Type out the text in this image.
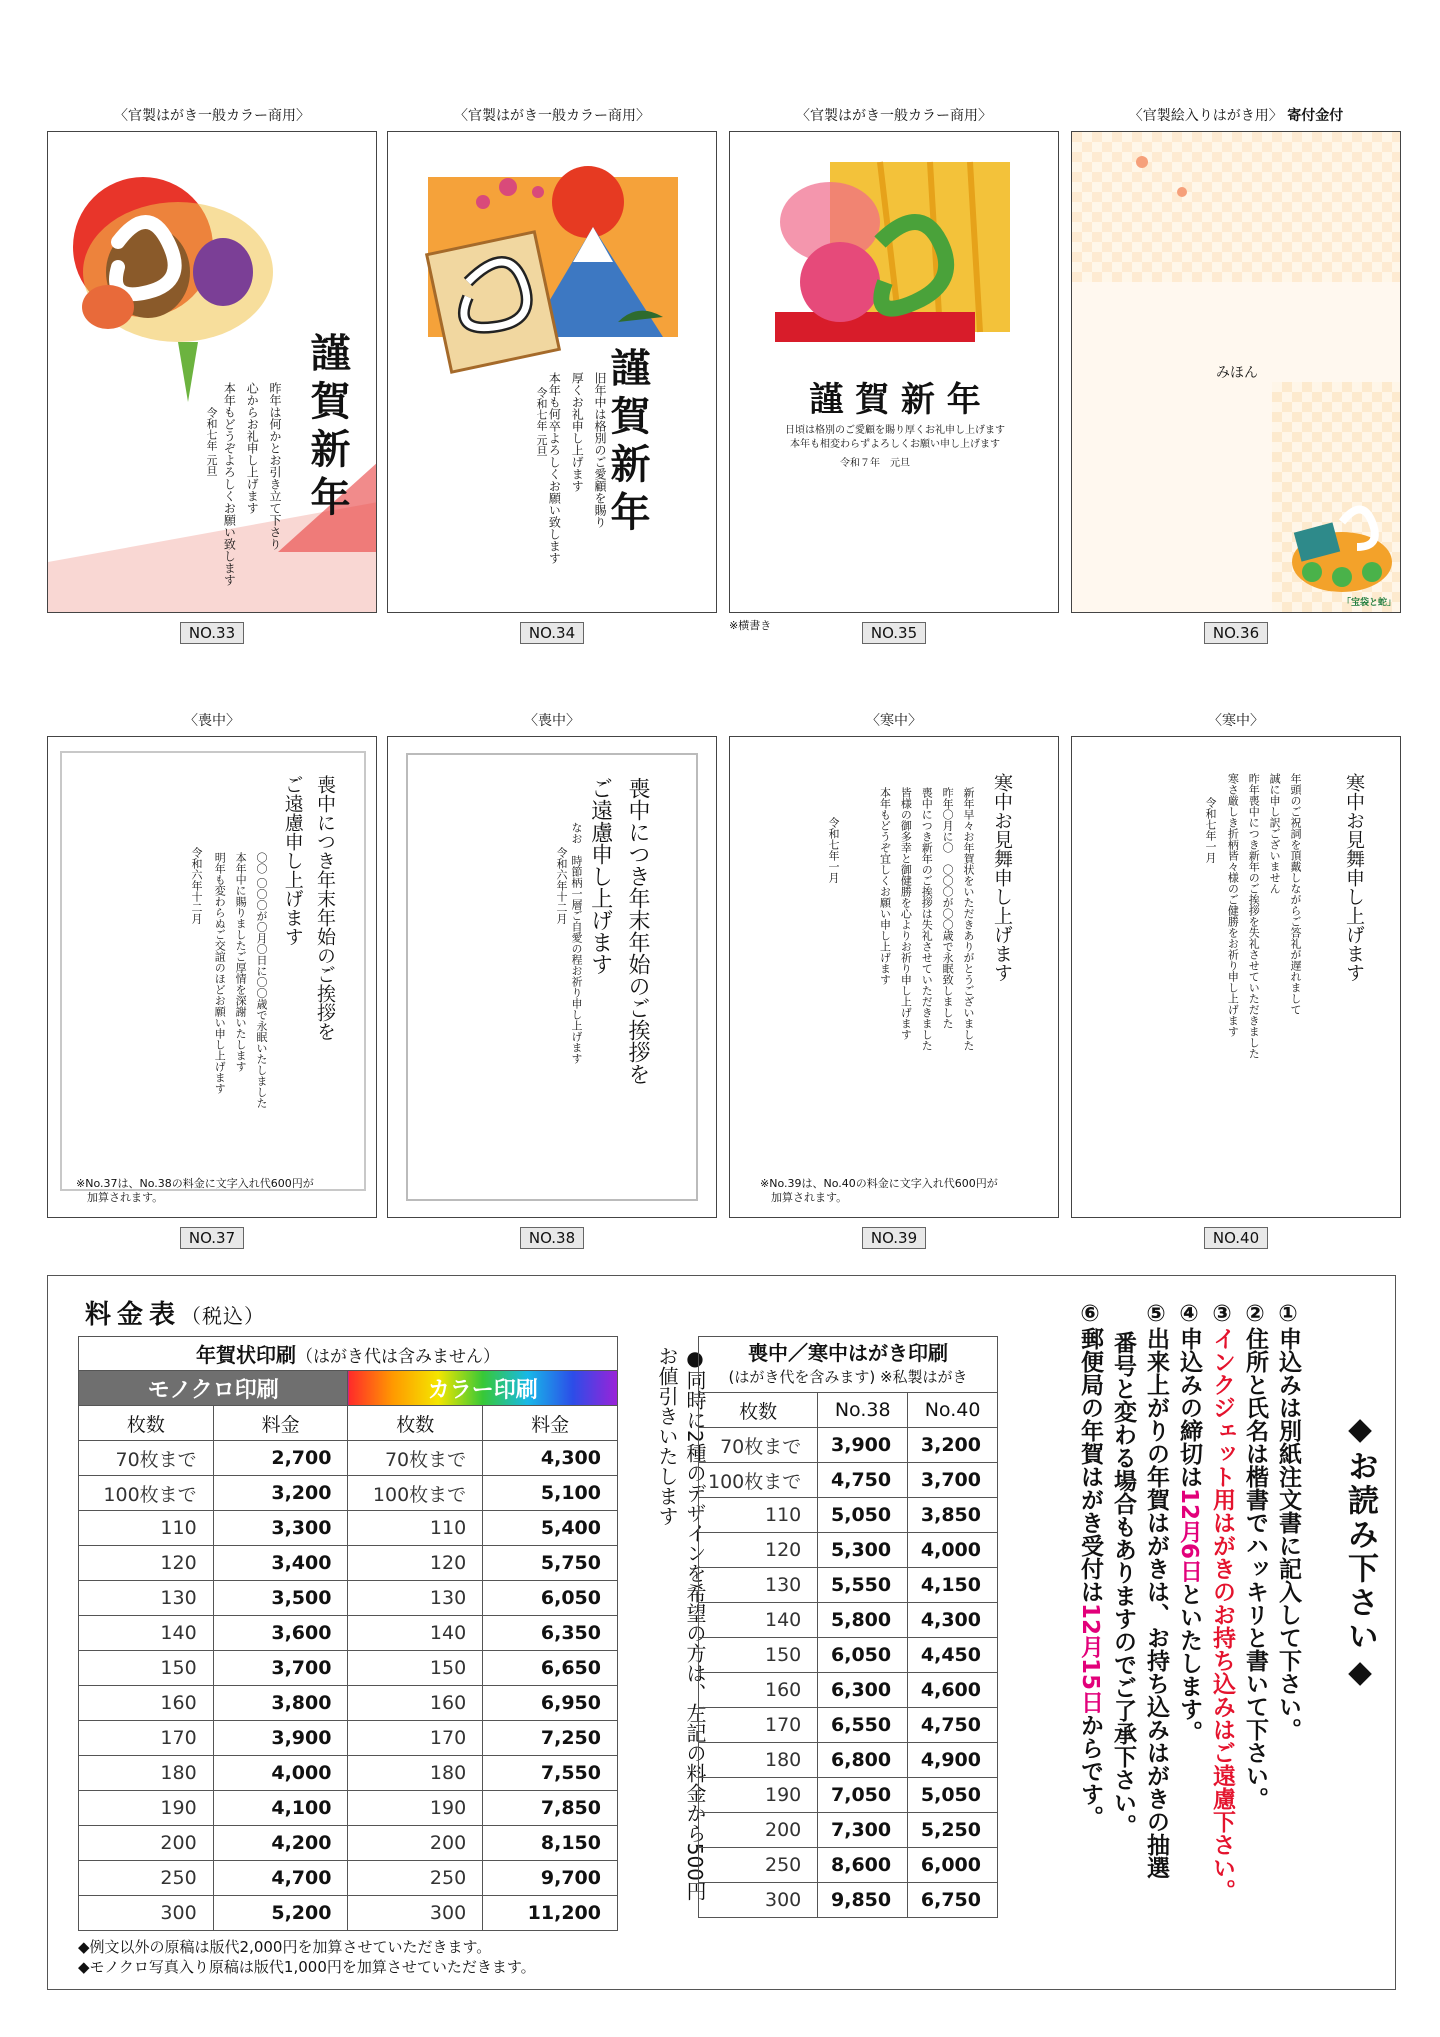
〈官製はがき一般カラー商用〉
謹賀新年
昨年は何かとお引き立て下さり
心からお礼申し上げます
本年もどうぞよろしくお願い致します
令和七年 元旦
NO.33
〈官製はがき一般カラー商用〉
謹賀新年
旧年中は格別のご愛顧を賜り
厚くお礼申し上げます
本年も何卒よろしくお願い致します
令和七年 元旦
NO.34
〈官製はがき一般カラー商用〉
謹 賀 新 年
日頃は格別のご愛顧を賜り厚くお礼申し上げます
本年も相変わらずよろしくお願い申し上げます
令和７年　元旦
※横書き	NO.35
〈官製絵入りはがき用〉 寄付金付
みほん
「宝袋と蛇」
NO.36
〈喪中〉
喪中につき年末年始のご挨拶を
ご遠慮申し上げます
〇〇 〇〇〇が〇月〇日に〇〇歳で永眠いたしました
本年中に賜りましたご厚情を深謝いたします
明年も変わらぬご交誼のほどお願い申し上げます
令和六年十二月
※No.37は、No.38の料金に文字入れ代600円が
　加算されます。
NO.37
〈喪中〉
喪中につき年末年始のご挨拶を
ご遠慮申し上げます
なお　時節柄一層ご自愛の程お祈り申し上げます
令和六年十二月
NO.38
〈寒中〉
寒中お見舞申し上げます
新年早々お年賀状をいただきありがとうございました
昨年〇月に〇　〇〇〇が〇〇歳で永眠致しました
喪中につき新年のご挨拶は失礼させていただきました
皆様の御多幸と御健勝を心よりお祈り申し上げます
本年もどうぞ宜しくお願い申し上げます
令和七年一月
※No.39は、No.40の料金に文字入れ代600円が
　加算されます。
NO.39
〈寒中〉
寒中お見舞申し上げます
年頭のご祝詞を頂戴しながらご答礼が遅れまして
誠に申し訳ございません
昨年喪中につき新年のご挨拶を失礼させていただきました
寒さ厳しき折柄皆々様のご健勝をお祈り申し上げます
令和七年一月
NO.40
料金表（税込）
年賀状印刷（はがき代は含みません）			
モノクロ印刷		カラー印刷	
枚数	料金	枚数	料金
70枚まで	2,700	70枚まで	4,300
100枚まで	3,200	100枚まで	5,100
110	3,300	110	5,400
120	3,400	120	5,750
130	3,500	130	6,050
140	3,600	140	6,350
150	3,700	150	6,650
160	3,800	160	6,950
170	3,900	170	7,250
180	4,000	180	7,550
190	4,100	190	7,850
200	4,200	200	8,150
250	4,700	250	9,700
300	5,200	300	11,200
●同時に2種のデザインを希望の方は、左記の料金から500円
お値引きいたします	喪中／寒中はがき印刷
(はがき代を含みます) ※私製はがき		

枚数	No.38	No.40
70枚まで	3,900	3,200
100枚まで	4,750	3,700
110	5,050	3,850
120	5,300	4,000
130	5,550	4,150
140	5,800	4,300
150	6,050	4,450
160	6,300	4,600
170	6,550	4,750
180	6,800	4,900
190	7,050	5,050
200	7,300	5,250
250	8,600	6,000
300	9,850	6,750
◆例文以外の原稿は版代2,000円を加算させていただきます。
◆モノクロ写真入り原稿は版代1,000円を加算させていただきます。
◆お読み下さい◆
①申込みは別紙注文書に記入して下さい。
②住所と氏名は楷書でハッキリと書いて下さい。
③インクジェット用はがきのお持ち込みはご遠慮下さい。
④申込みの締切は12月6日といたします。
⑤出来上がりの年賀はがきは、お持ち込みはがきの抽選
番号と変わる場合もありますのでご了承下さい。
⑥郵便局の年賀はがき受付は12月15日からです。
